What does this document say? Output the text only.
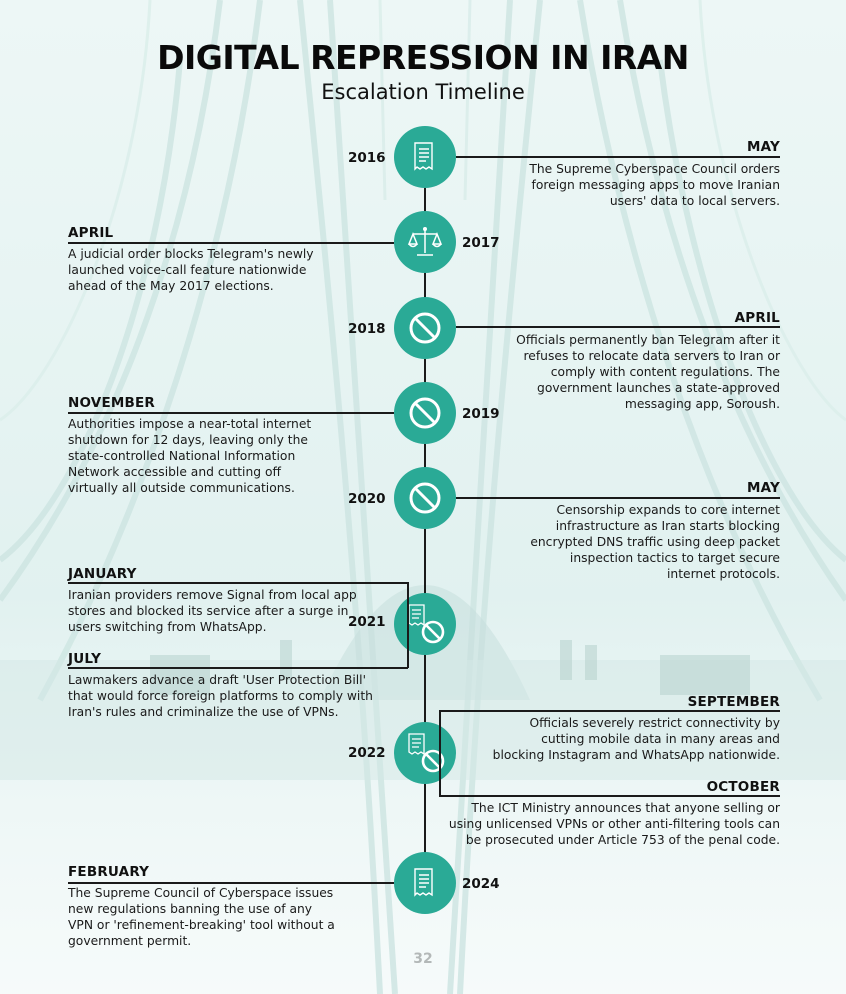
DIGITAL REPRESSION IN IRAN
Escalation Timeline
2016
MAY
The Supreme Cyberspace Council orders foreign messaging apps to move Iranian users' data to local servers.
2017
APRIL
A judicial order blocks Telegram's newly launched voice-call feature nationwide ahead of the May 2017 elections.
2018
APRIL
Officials permanently ban Telegram after it refuses to relocate data servers to Iran or comply with content regulations. The government launches a state-approved messaging app, Soroush.
2019
NOVEMBER
Authorities impose a near-total internet shutdown for 12 days, leaving only the state-controlled National Information Network accessible and cutting off virtually all outside communications.
2020
MAY
Censorship expands to core internet infrastructure as Iran starts blocking encrypted DNS traffic using deep packet inspection tactics to target secure internet protocols.
2021
JANUARY
Iranian providers remove Signal from local app stores and blocked its service after a surge in users switching from WhatsApp.
JULY
Lawmakers advance a draft 'User Protection Bill' that would force foreign platforms to comply with Iran's rules and criminalize the use of VPNs.
2022
SEPTEMBER
Officials severely restrict connectivity by cutting mobile data in many areas and blocking Instagram and WhatsApp nationwide.
OCTOBER
The ICT Ministry announces that anyone selling or using unlicensed VPNs or other anti-filtering tools can be prosecuted under Article 753 of the penal code.
2024
FEBRUARY
The Supreme Council of Cyberspace issues new regulations banning the use of any VPN or 'refinement-breaking' tool without a government permit.
32
